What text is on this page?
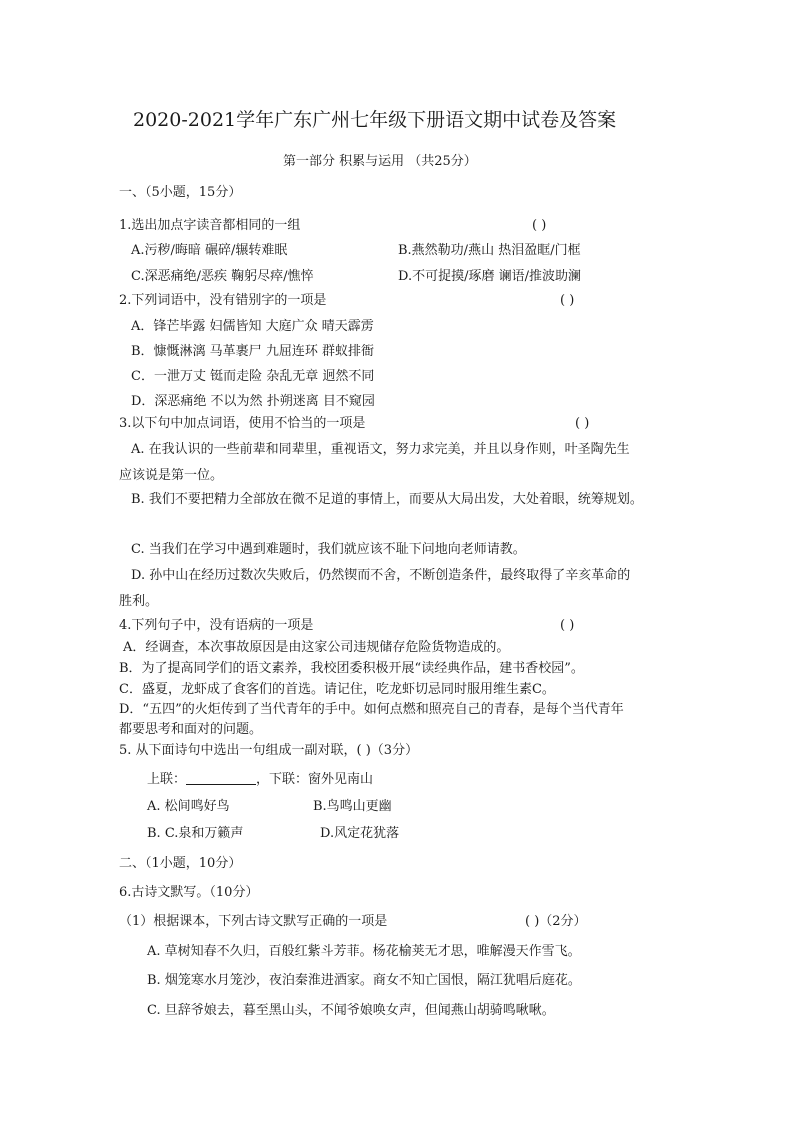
2020-2021学年广东广州七年级下册语文期中试卷及答案
第一部分 积累与运用 （共25分）
一、（5小题，15分）
1.选出加点字读音都相同的一组	( )
A.污秽/晦暗 碾碎/辗转难眠	B.燕然勒功/燕山 热泪盈眶/门框
C.深恶痛绝/恶疾 鞠躬尽瘁/憔悴	D.不可捉摸/琢磨 谰语/推波助澜
2.下列词语中，没有错别字的一项是	( )
A．锋芒毕露 妇儒皆知 大庭广众 晴天霹雳
B．慷慨淋漓 马革裹尸 九屈连环 群蚁排衙
C．一泄万丈 铤而走险 杂乱无章 迥然不同
D．深恶痛绝 不以为然 扑朔迷离 目不窥园
3.以下句中加点词语，使用不恰当的一项是	( )
A. 在我认识的一些前辈和同辈里，重视语文，努力求完美，并且以身作则，叶圣陶先生
应该说是第一位。
B. 我们不要把精力全部放在微不足道的事情上，而要从大局出发，大处着眼，统筹规划。
C. 当我们在学习中遇到难题时，我们就应该不耻下问地向老师请教。
D. 孙中山在经历过数次失败后，仍然锲而不舍，不断创造条件，最终取得了辛亥革命的
胜利。
4.下列句子中，没有语病的一项是	( )
A．经调查，本次事故原因是由这家公司违规储存危险货物造成的。
B．为了提高同学们的语文素养，我校团委积极开展“读经典作品，建书香校园”。
C．盛夏，龙虾成了食客们的首选。请记住，吃龙虾切忌同时服用维生素C。
D．“五四”的火炬传到了当代青年的手中。如何点燃和照亮自己的青春，是每个当代青年
都要思考和面对的问题。
5. 从下面诗句中选出一句组成一副对联，( )（3分）
上联：	，下联：窗外见南山
A. 松间鸣好鸟	B.鸟鸣山更幽
B. C.泉和万籁声	D.风定花犹落
二、（1小题，10分）
6.古诗文默写。（10分）
（1）根据课本，下列古诗文默写正确的一项是	( )（2分）
A. 草树知春不久归，百般红紫斗芳菲。杨花榆荚无才思，唯解漫天作雪飞。
B. 烟笼寒水月笼沙，夜泊秦淮进酒家。商女不知亡国恨，隔江犹唱后庭花。
C. 旦辞爷娘去，暮至黑山头，不闻爷娘唤女声，但闻燕山胡骑鸣啾啾。
